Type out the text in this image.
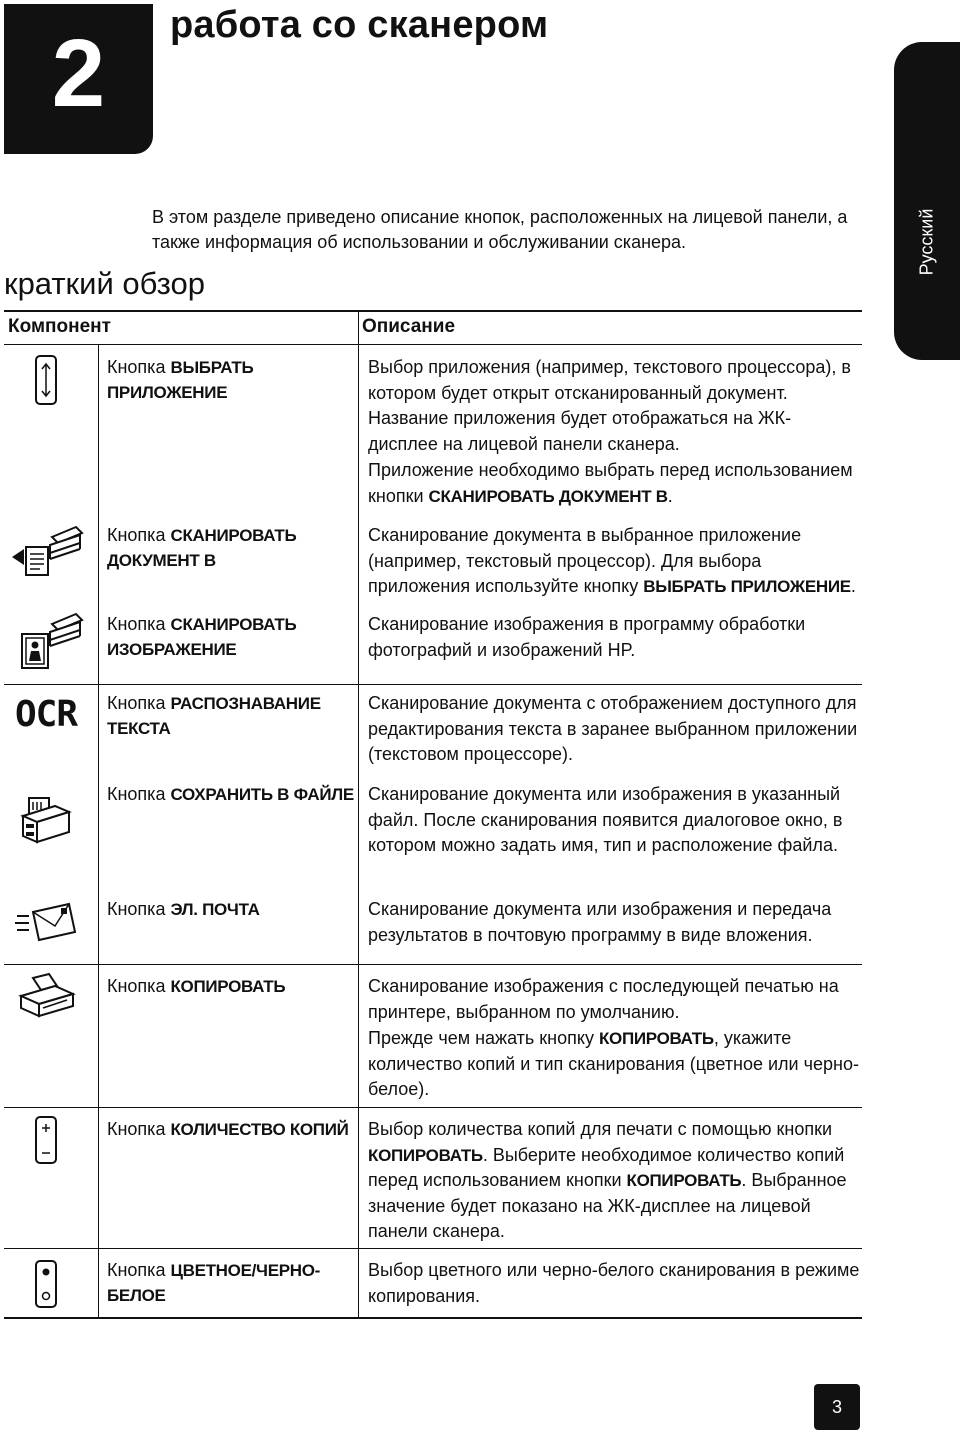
2	работа со сканером
Русский
В этом разделе приведено описание кнопок, расположенных на лицевой панели, а также информация об использовании и обслуживании сканера.
краткий обзор
Компонент	Описание
OCR
Кнопка ВЫБРАТЬ ПРИЛОЖЕНИЕ
Кнопка СКАНИРОВАТЬ ДОКУМЕНТ В
Кнопка СКАНИРОВАТЬ ИЗОБРАЖЕНИЕ
Кнопка РАСПОЗНАВАНИЕ ТЕКСТА
Кнопка СОХРАНИТЬ В ФАЙЛЕ
Кнопка ЭЛ. ПОЧТА
Кнопка КОПИРОВАТЬ
Кнопка КОЛИЧЕСТВО КОПИЙ
Кнопка ЦВЕТНОЕ/ЧЕРНО-БЕЛОЕ

Выбор приложения (например, текстового процессора), в котором будет открыт отсканированный документ. Название приложения будет отображаться на ЖК-дисплее на лицевой панели сканера.

Приложение необходимо выбрать перед использованием кнопки СКАНИРОВАТЬ ДОКУМЕНТ В.

Сканирование документа в выбранное приложение (например, текстовый процессор). Для выбора приложения используйте кнопку ВЫБРАТЬ ПРИЛОЖЕНИЕ.

Сканирование изображения в программу обработки фотографий и изображений HP.

Сканирование документа с отображением доступного для редактирования текста в заранее выбранном приложении (текстовом процессоре).

Сканирование документа или изображения в указанный файл. После сканирования появится диалоговое окно, в котором можно задать имя, тип и расположение файла.

Сканирование документа или изображения и передача результатов в почтовую программу в виде вложения.

Сканирование изображения с последующей печатью на принтере, выбранном по умолчанию.

Прежде чем нажать кнопку КОПИРОВАТЬ, укажите количество копий и тип сканирования (цветное или черно-белое).

Выбор количества копий для печати с помощью кнопки КОПИРОВАТЬ. Выберите необходимое количество копий перед использованием кнопки КОПИРОВАТЬ. Выбранное значение будет показано на ЖК-дисплее на лицевой панели сканера.

Выбор цветного или черно-белого сканирования в режиме копирования.

3
